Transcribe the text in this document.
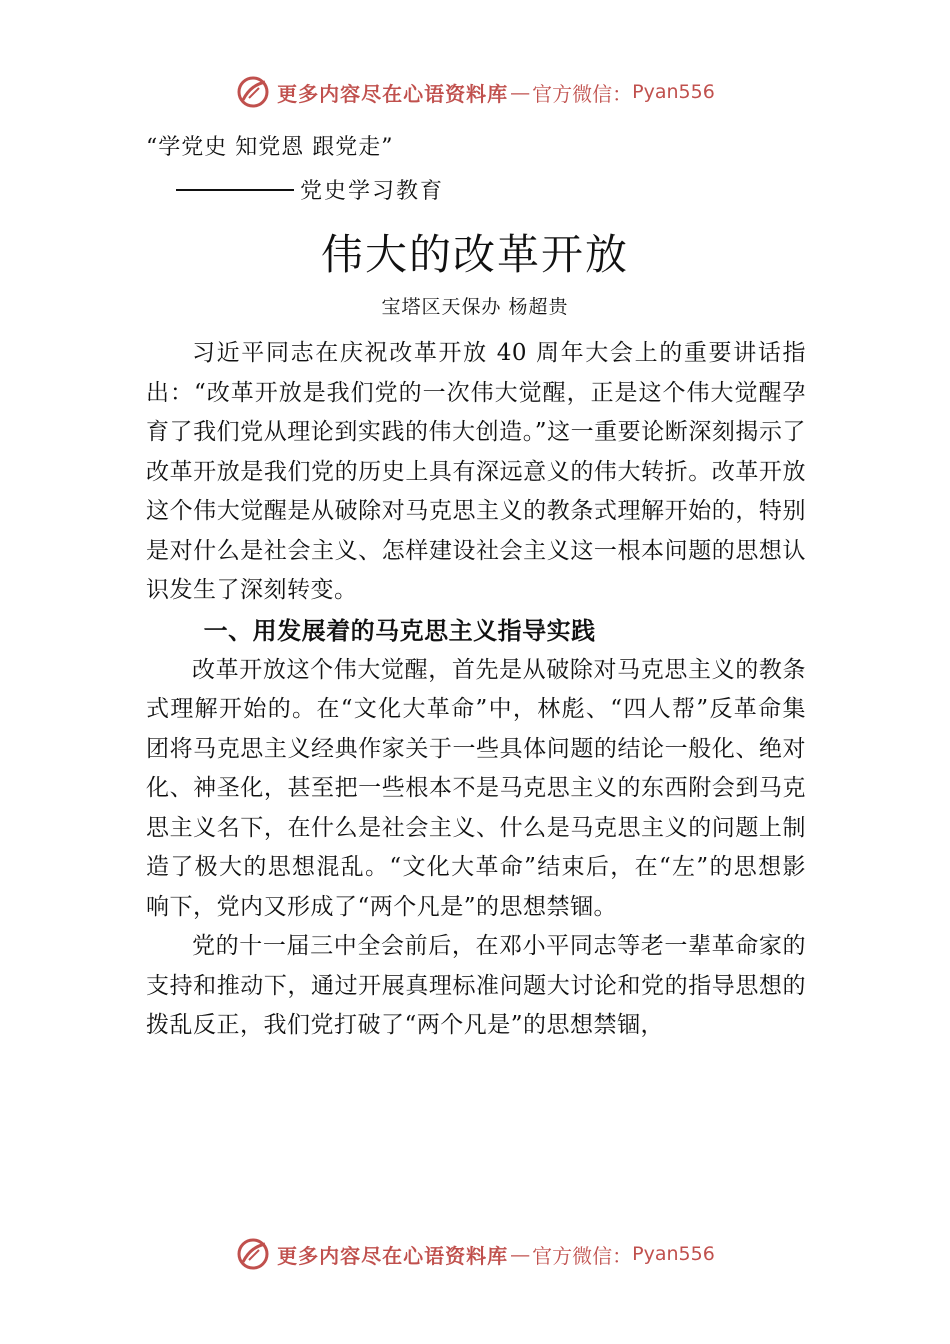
更多内容尽在心语资料库 — 官方微信： Pyan556
“学党史 知党恩 跟党走”
党史学习教育
伟大的改革开放
宝塔区天保办 杨超贵

习近平同志在庆祝改革开放 40 周年大会上的重要讲话指出：“改革开放是我们党的一次伟大觉醒，正是这个伟大觉醒孕育了我们党从理论到实践的伟大创造。”这一重要论断深刻揭示了改革开放是我们党的历史上具有深远意义的伟大转折。改革开放这个伟大觉醒是从破除对马克思主义的教条式理解开始的，特别是对什么是社会主义、怎样建设社会主义这一根本问题的思想认识发生了深刻转变。

一、用发展着的马克思主义指导实践

改革开放这个伟大觉醒，首先是从破除对马克思主义的教条式理解开始的。在“文化大革命”中，林彪、“四人帮”反革命集团将马克思主义经典作家关于一些具体问题的结论一般化、绝对化、神圣化，甚至把一些根本不是马克思主义的东西附会到马克思主义名下，在什么是社会主义、什么是马克思主义的问题上制造了极大的思想混乱。“文化大革命”结束后，在“左”的思想影响下，党内又形成了“两个凡是”的思想禁锢。

党的十一届三中全会前后，在邓小平同志等老一辈革命家的支持和推动下，通过开展真理标准问题大讨论和党的指导思想的拨乱反正，我们党打破了“两个凡是”的思想禁锢，

更多内容尽在心语资料库 — 官方微信： Pyan556
